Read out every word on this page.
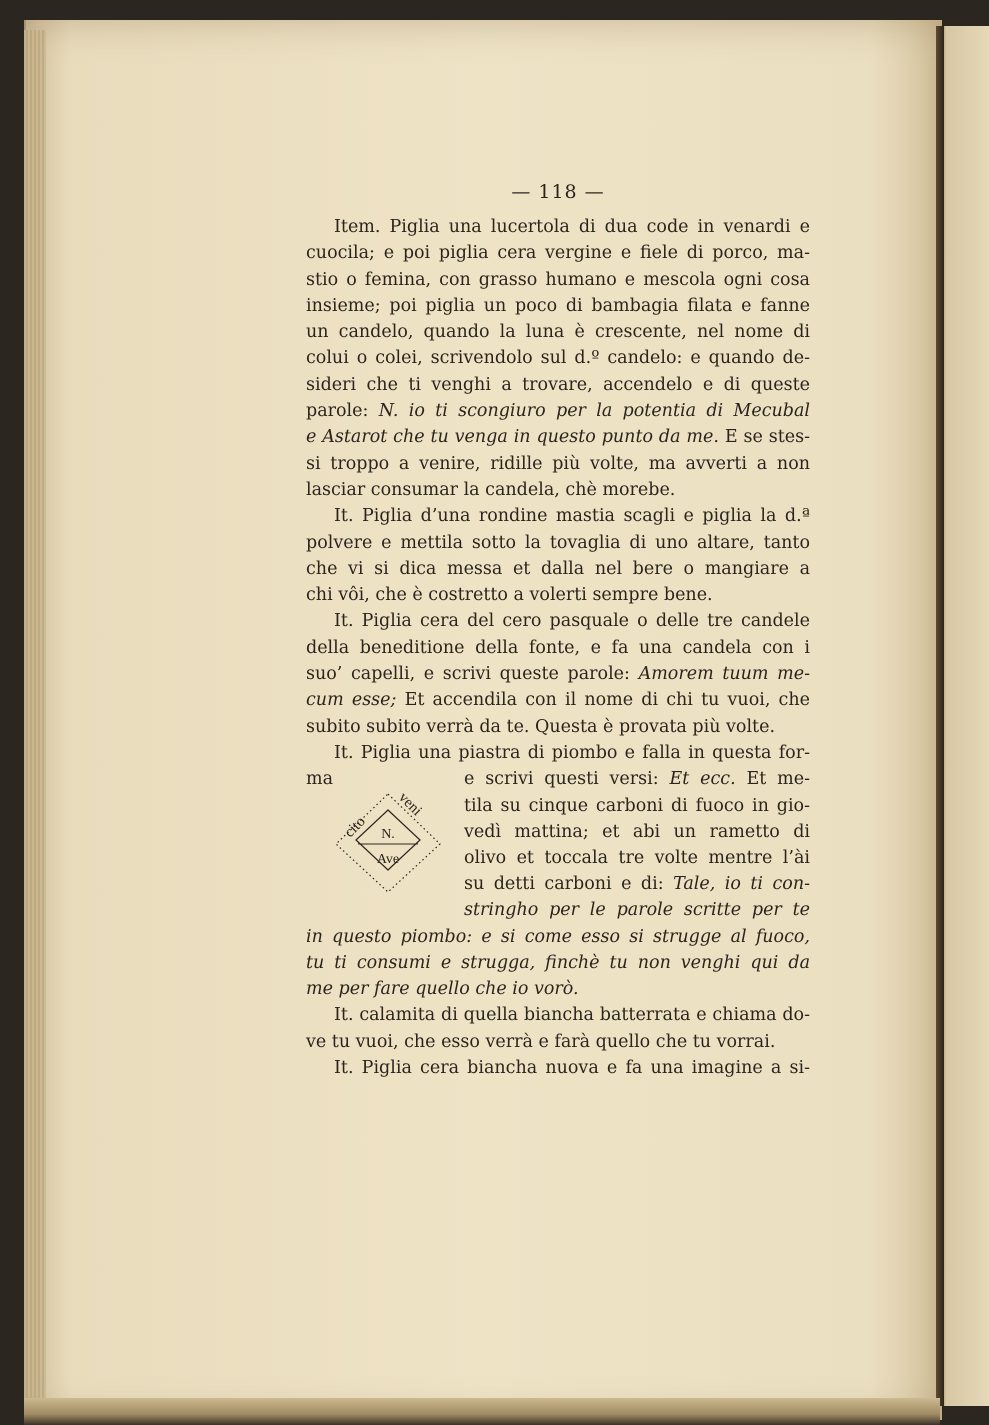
— 118 —
Item. Piglia una lucertola di dua code in venardi e
cuocila; e poi piglia cera vergine e fiele di porco, ma-
stio o femina, con grasso humano e mescola ogni cosa
insieme; poi piglia un poco di bambagia filata e fanne
un candelo, quando la luna è crescente, nel nome di
colui o colei, scrivendolo sul d.º candelo: e quando de-
sideri che ti venghi a trovare, accendelo e di queste
parole: N. io ti scongiuro per la potentia di Mecubal
e Astarot che tu venga in questo punto da me. E se stes-
si troppo a venire, ridille più volte, ma avverti a non
lasciar consumar la candela, chè morebe.
It. Piglia d’una rondine mastia scagli e piglia la d.ª
polvere e mettila sotto la tovaglia di uno altare, tanto
che vi si dica messa et dalla nel bere o mangiare a
chi vôi, che è costretto a volerti sempre bene.
It. Piglia cera del cero pasquale o delle tre candele
della beneditione della fonte, e fa una candela con i
suo’ capelli, e scrivi queste parole: Amorem tuum me-
cum esse; Et accendila con il nome di chi tu vuoi, che
subito subito verrà da te. Questa è provata più volte.
It. Piglia una piastra di piombo e falla in questa for-
ma
N.
Ave
cito
veni
e scrivi questi versi: Et ecc. Et me-
tila su cinque carboni di fuoco in gio-
vedì mattina; et abi un rametto di
olivo et toccala tre volte mentre l’ài
su detti carboni e di: Tale, io ti con-
stringho per le parole scritte per te
in questo piombo: e si come esso si strugge al fuoco,
tu ti consumi e strugga, finchè tu non venghi qui da
me per fare quello che io vorò.
It. calamita di quella biancha batterrata e chiama do-
ve tu vuoi, che esso verrà e farà quello che tu vorrai.
It. Piglia cera biancha nuova e fa una imagine a si-
